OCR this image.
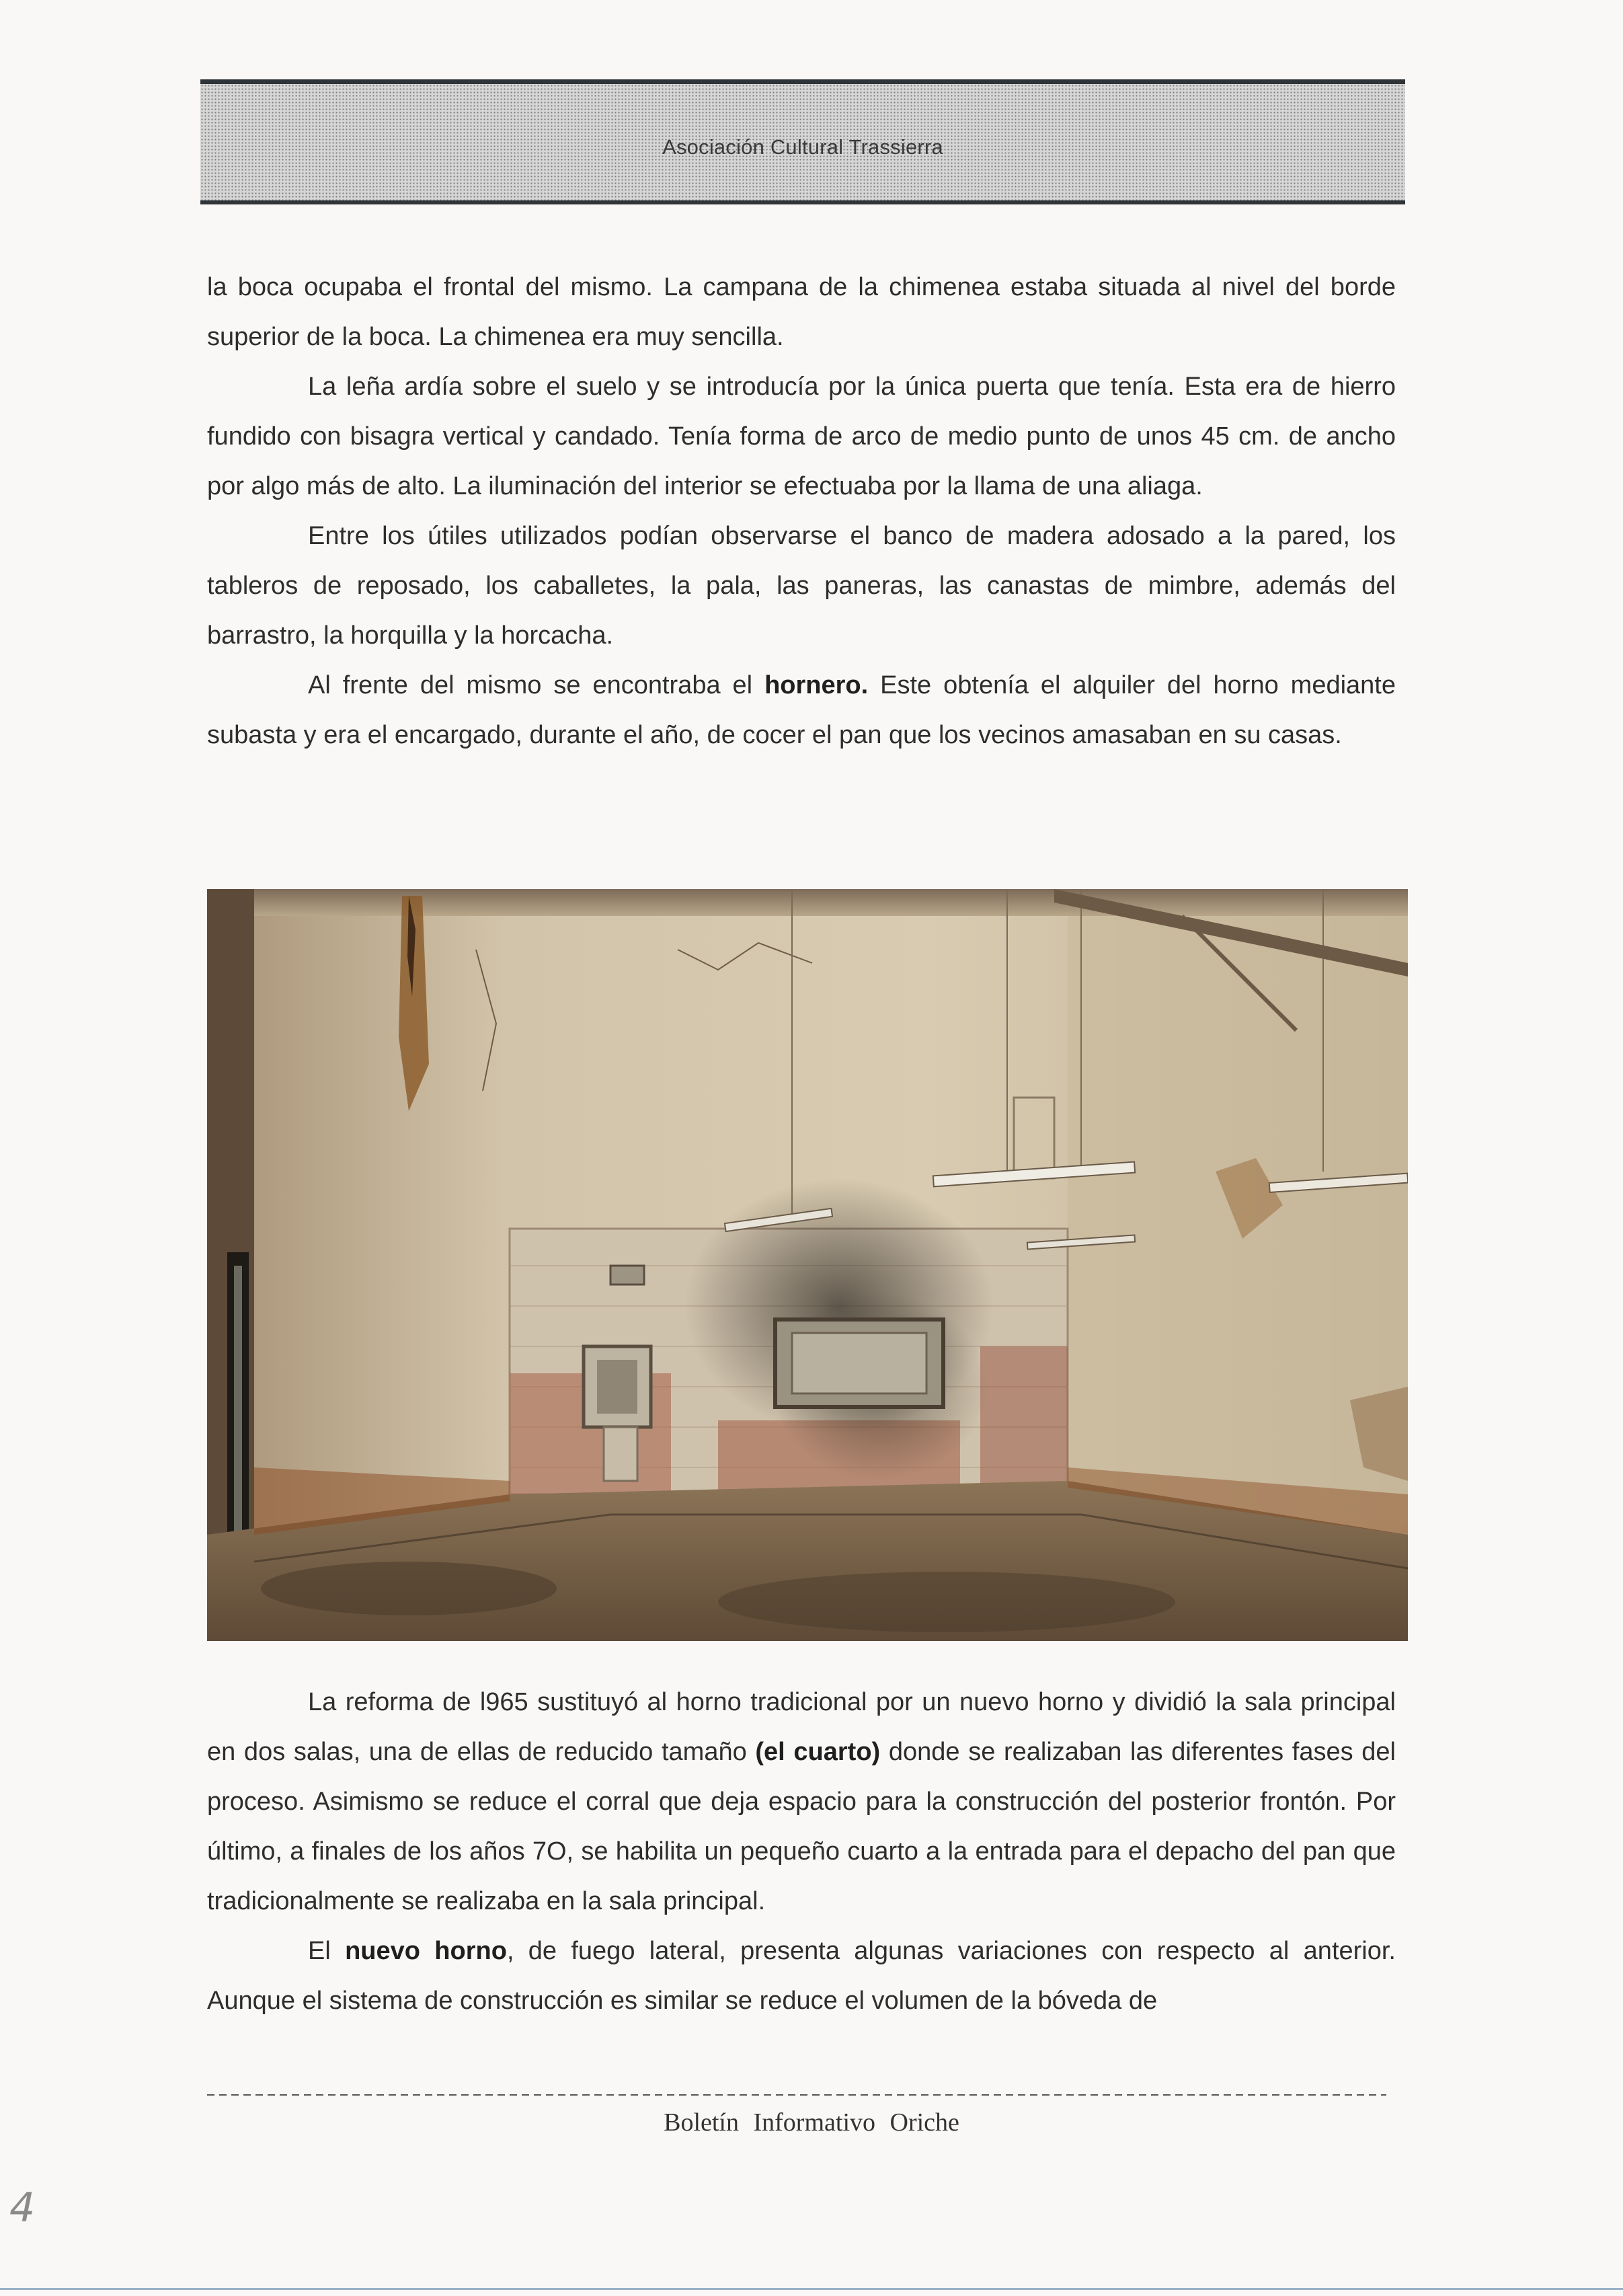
Asociación Cultural Trassierra

la boca ocupaba el frontal del mismo. La campana de la chimenea estaba situada al nivel del borde superior de la boca. La chimenea era muy sencilla.

La leña ardía sobre el suelo y se introducía por la única puerta que tenía. Esta era de hierro fundido con bisagra vertical y candado. Tenía forma de arco de medio punto de unos 45 cm. de ancho por algo más de alto. La iluminación del interior se efectuaba por la llama de una aliaga.

Entre los útiles utilizados podían observarse el banco de madera adosado a la pared, los tableros de reposado, los caballetes, la pala, las paneras, las canastas de mimbre, además del barrastro, la horquilla y la horcacha.

Al frente del mismo se encontraba el hornero. Este obtenía el alquiler del horno mediante subasta y era el encargado, durante el año, de cocer el pan que los vecinos amasaban en su casas.

La reforma de l965 sustituyó al horno tradicional por un nuevo horno y dividió la sala principal en dos salas, una de ellas de reducido tamaño (el cuarto) donde se realizaban las diferentes fases del proceso. Asimismo se reduce el corral que deja espacio para la construcción del posterior frontón. Por último, a finales de los años 7O, se habilita un pequeño cuarto a la entrada para el depacho del pan que tradicionalmente se realizaba en la sala principal.

El nuevo horno, de fuego lateral, presenta algunas variaciones con respecto al anterior. Aunque el sistema de construcción es similar se reduce el volumen de la bóveda de

Boletín Informativo Oriche
4
